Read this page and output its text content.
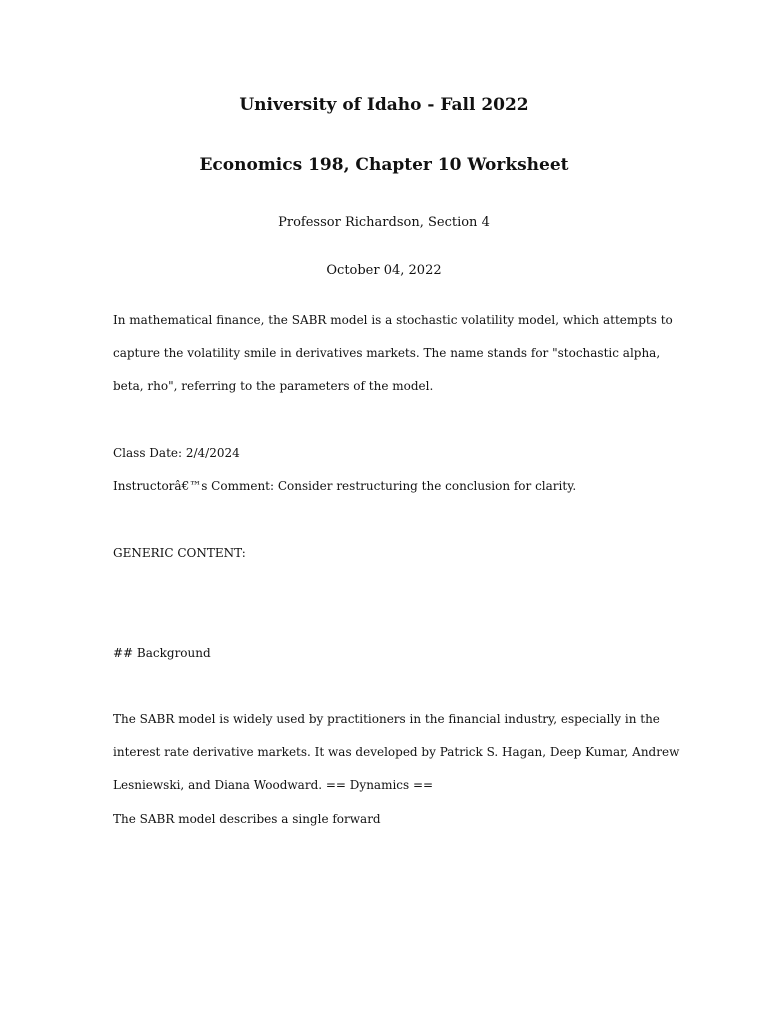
University of Idaho - Fall 2022
Economics 198, Chapter 10 Worksheet
Professor Richardson, Section 4
October 04, 2022
In mathematical finance, the SABR model is a stochastic volatility model, which attempts to
capture the volatility smile in derivatives markets. The name stands for "stochastic alpha,
beta, rho", referring to the parameters of the model.
Class Date: 2/4/2024
Instructorâ€™s Comment: Consider restructuring the conclusion for clarity.
GENERIC CONTENT:
## Background
The SABR model is widely used by practitioners in the financial industry, especially in the
interest rate derivative markets. It was developed by Patrick S. Hagan, Deep Kumar, Andrew
Lesniewski, and Diana Woodward. == Dynamics ==
The SABR model describes a single forward
